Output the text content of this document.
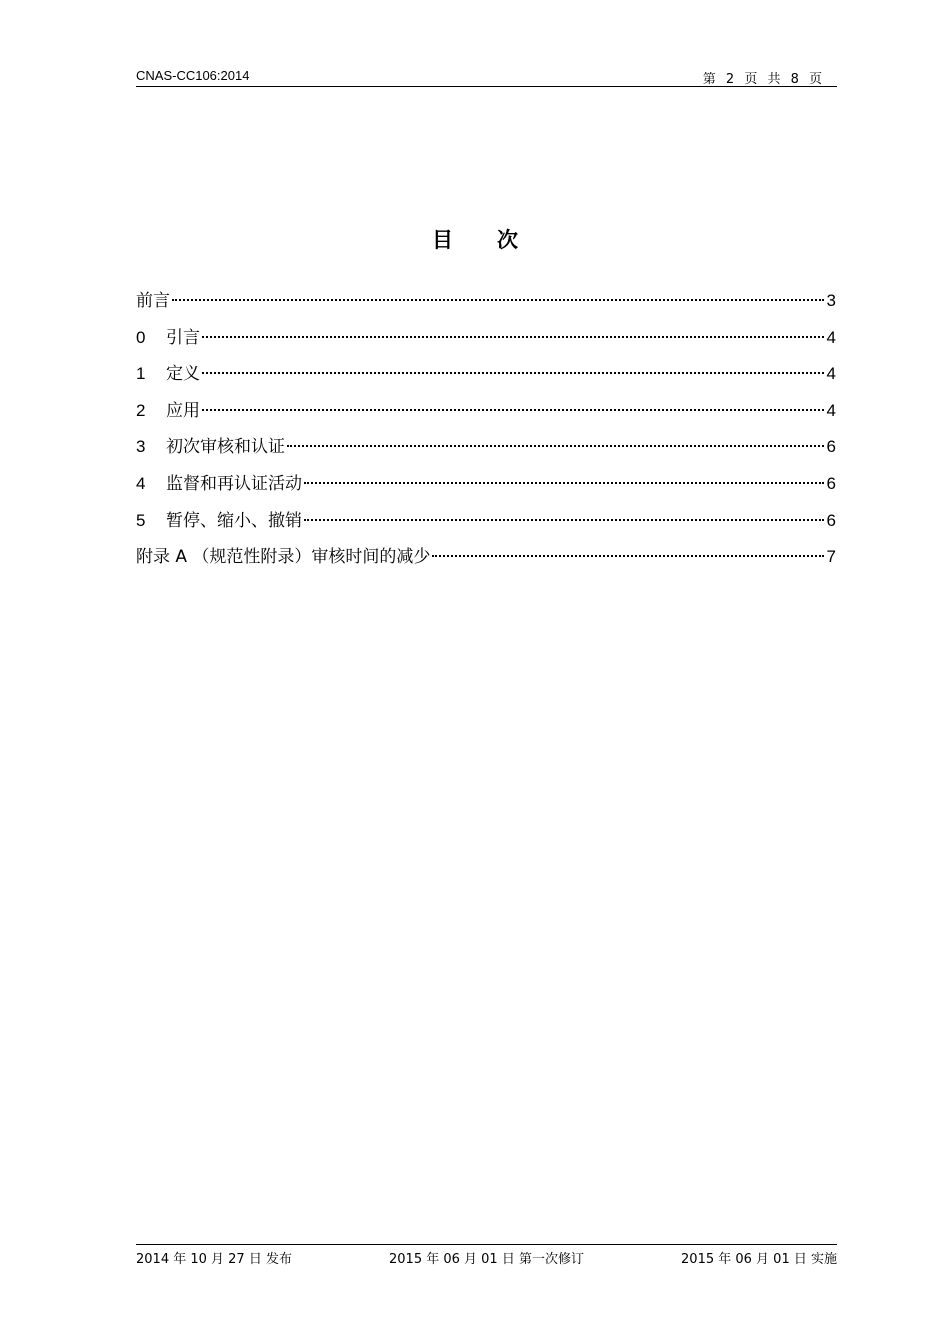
CNAS-CC106:2014	第 2 页 共 8 页
目 次
前言	3
0	引言	4
1	定义	4
2	应用	4
3	初次审核和认证	6
4	监督和再认证活动	6
5	暂停、缩小、撤销	6
附录 A （规范性附录）审核时间的减少	7
2014 年 10 月 27 日 发布	2015 年 06 月 01 日 第一次修订	2015 年 06 月 01 日 实施
